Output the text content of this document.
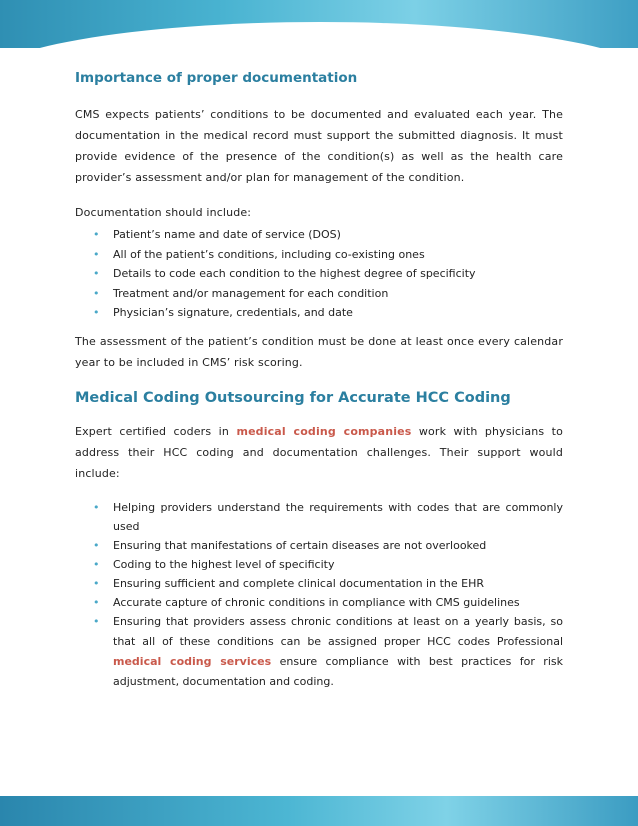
Importance of proper documentation

CMS expects patients’ conditions to be documented and evaluated each year. The documentation in the medical record must support the submitted diagnosis. It must provide evidence of the presence of the condition(s) as well as the health care provider’s assessment and/or plan for management of the condition.

Documentation should include:

• Patient’s name and date of service (DOS)
• All of the patient’s conditions, including co-existing ones
• Details to code each condition to the highest degree of specificity
• Treatment and/or management for each condition
• Physician’s signature, credentials, and date

The assessment of the patient’s condition must be done at least once every calendar year to be included in CMS’ risk scoring.

Medical Coding Outsourcing for Accurate HCC Coding

Expert certified coders in medical coding companies work with physicians to address their HCC coding and documentation challenges. Their support would include:

• Helping providers understand the requirements with codes that are commonly used
• Ensuring that manifestations of certain diseases are not overlooked
• Coding to the highest level of specificity
• Ensuring sufficient and complete clinical documentation in the EHR
• Accurate capture of chronic conditions in compliance with CMS guidelines
• Ensuring that providers assess chronic conditions at least on a yearly basis, so that all of these conditions can be assigned proper HCC codes Professional medical coding services ensure compliance with best practices for risk adjustment, documentation and coding.
